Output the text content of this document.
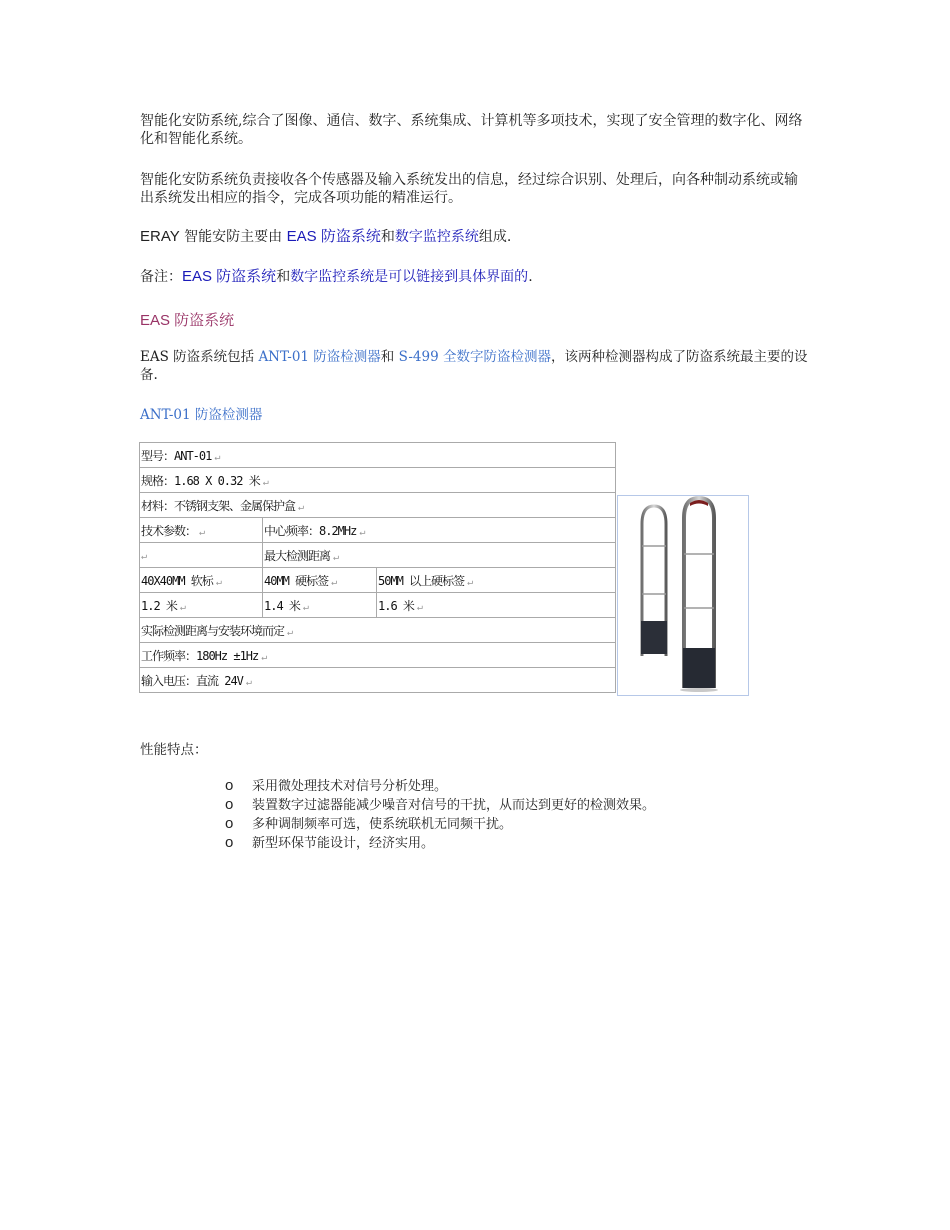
智能化安防系统,综合了图像、通信、数字、系统集成、计算机等多项技术，实现了安全管理的数字化、网络化和智能化系统。
智能化安防系统负责接收各个传感器及输入系统发出的信息，经过综合识别、处理后，向各种制动系统或输出系统发出相应的指令，完成各项功能的精准运行。
ERAY 智能安防主要由 EAS 防盗系统和数字监控系统组成.
备注：EAS 防盗系统和数字监控系统是可以链接到具体界面的.
EAS 防盗系统
EAS 防盗系统包括 ANT-01 防盗检测器和 S-499 全数字防盗检测器，该两种检测器构成了防盗系统最主要的设备.
ANT-01 防盗检测器
型号：ANT-01 ↵		
规格：1.68 X 0.32 米 ↵		
材料：不锈钢支架、金属保护盒 ↵		
技术参数： ↵	中心频率：8.2MHz ↵	
↵	最大检测距离 ↵	
40X40MM 软标 ↵	40MM 硬标签 ↵	50MM 以上硬标签 ↵
1.2 米 ↵	1.4 米 ↵	1.6 米 ↵
实际检测距离与安装环境而定 ↵		
工作频率：180Hz ±1Hz ↵		
输入电压：直流 24V ↵		
性能特点：
o 采用微处理技术对信号分析处理。
o 装置数字过滤器能减少噪音对信号的干扰，从而达到更好的检测效果。
o 多种调制频率可选，使系统联机无同频干扰。
o 新型环保节能设计，经济实用。
